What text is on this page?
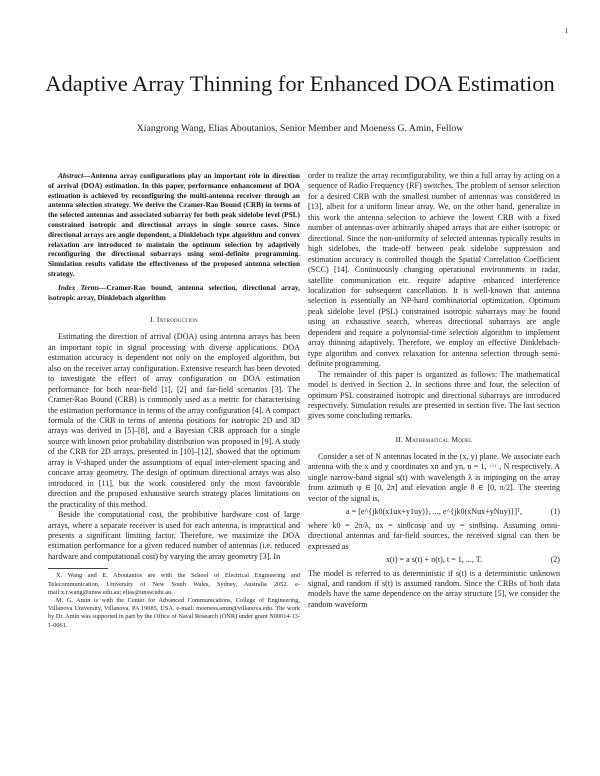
1
Adaptive Array Thinning for Enhanced DOA Estimation
Xiangrong Wang, Elias Aboutanios, Senior Member and Moeness G. Amin, Fellow

Abstract—Antenna array configurations play an important role in direction of arrival (DOA) estimation. In this paper, performance enhancement of DOA estimation is achieved by reconfiguring the multi-antenna receiver through an antenna selection strategy. We derive the Cramer-Rao Bound (CRB) in terms of the selected antennas and associated subarray for both peak sidelobe level (PSL) constrained isotropic and directional arrays in single source cases. Since directional arrays are angle dependent, a Dinklebach type algorithm and convex relaxation are introduced to maintain the optimum selection by adaptively reconfiguring the directional subarrays using semi-definite programming. Simulation results validate the effectiveness of the proposed antenna selection strategy.

Index Terms—Cramer-Rao bound, antenna selection, directional array, isotropic array, Dinklebach algorithm

I. Introduction

Estimating the direction of arrival (DOA) using antenna arrays has been an important topic in signal processing with diverse applications. DOA estimation accuracy is dependent not only on the employed algorithm, but also on the receiver array configuration. Extensive research has been devoted to investigate the effect of array configuration on DOA estimation performance for both near-field [1], [2] and far-field scenarios [3]. The Cramer-Rao Bound (CRB) is commonly used as a metric for characterising the estimation performance in terms of the array configuration [4]. A compact formula of the CRB in terms of antenna positions for isotropic 2D and 3D arrays was derived in [5]–[8], and a Bayesian CRB approach for a single source with known prior probability distribution was proposed in [9]. A study of the CRB for 2D arrays, presented in [10]–[12], showed that the optimum array is V-shaped under the assumptions of equal inter-element spacing and concave array geometry. The design of optimum directional arrays was also introduced in [11], but the work considered only the most favourable direction and the proposed exhaustive search strategy places limitations on the practicality of this method.

Beside the computational cost, the prohibitive hardware cost of large arrays, where a separate receiver is used for each antenna, is impractical and presents a significant limiting factor. Therefore, we maximize the DOA estimation performance for a given reduced number of antennas (i.e. reduced hardware and computational cost) by varying the array geometry [3]. In

X. Wang and E. Aboutanios are with the School of Electrical Engineering and Telecommunication, University of New South Wales, Sydney, Australia 2052. e-mail:x.r.wang@unsw.edu.au; elias@unsw.edu.au.

M. G. Amin is with the Center for Advanced Communications, College of Engineering, Villanova University, Villanova, PA 19085, USA. e-mail: moeness.amin@villanova.edu. The work by Dr. Amin was supported in part by the Office of Naval Research (ONR) under grant N00014-13-1-0061.

order to realize the array reconfigurability, we thin a full array by acting on a sequence of Radio Frequency (RF) switches. The problem of sensor selection for a desired CRB with the smallest number of antennas was considered in [13], albeit for a uniform linear array. We, on the other hand, generalize in this work the antenna selection to achieve the lowest CRB with a fixed number of antennas over arbitrarily shaped arrays that are either isotropic or directional. Since the non-uniformity of selected antennas typically results in high sidelobes, the trade-off between peak sidelobe suppression and estimation accuracy is controlled though the Spatial Correlation Coefficient (SCC) [14]. Continuously changing operational environments in radar, satellite communication etc. require adaptive enhanced interference localization for subsequent cancellation. It is well-known that antenna selection is essentially an NP-hard combinatorial optimization. Optimum peak sidelobe level (PSL) constrained isotropic subarrays may be found using an exhaustive search, whereas directional subarrays are angle dependent and require a polynomial-time selection algorithm to implement array thinning adaptively. Therefore, we employ an effective Dinklebach-type algorithm and convex relaxation for antenna selection through semi-definite programming.

The remainder of this paper is organized as follows: The mathematical model is derived in Section 2. In sections three and four, the selection of optimum PSL constrained isotropic and directional subarrays are introduced respectively. Simulation results are presented in section five. The last section gives some concluding remarks.

II. Mathematical Model

Consider a set of N antennas located in the (x, y) plane. We associate each antenna with the x and y coordinates xn and yn, n = 1, ··· , N respectively. A single narrow-band signal s(t) with wavelength λ is impinging on the array from azimuth φ ∈ [0, 2π] and elevation angle θ ∈ [0, π/2]. The steering vector of the signal is,

a = [e^{jk0(x1ux+y1uy)}, ..., e^{jk0(xNux+yNuy)}]ᵀ,	(1)

where k0 = 2π/λ, ux = sinθcosφ and uy = sinθsinφ. Assuming omni-directional antennas and far-field sources, the received signal can then be expressed as

x(t) = a s(t) + n(t), t = 1, ..., T.	(2)

The model is referred to as deterministic if s(t) is a deterministic unknown signal, and random if s(t) is assumed random. Since the CRBs of both data models have the same dependence on the array structure [5], we consider the random waveform
